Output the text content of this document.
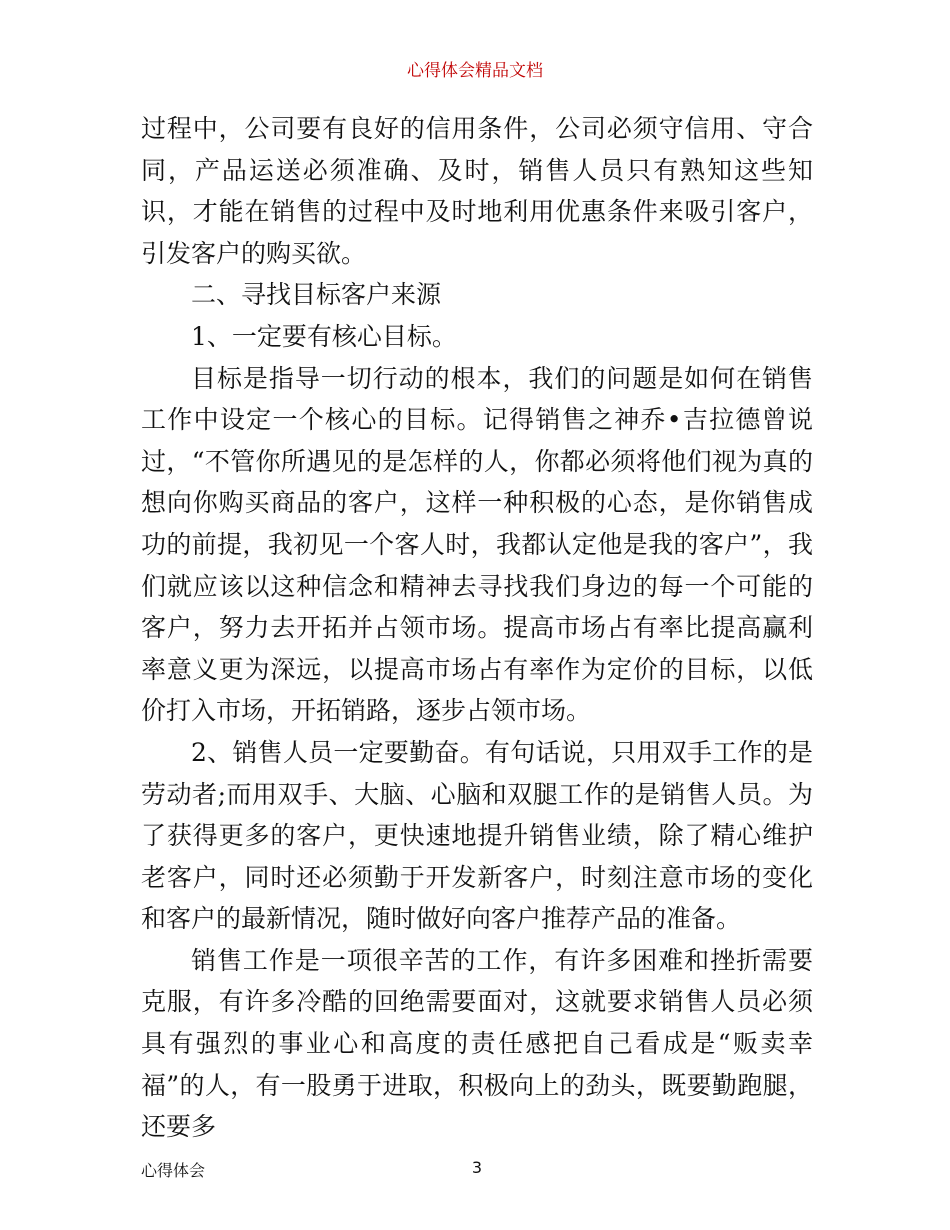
心得体会精品文档

过程中，公司要有良好的信用条件，公司必须守信用、守合同，产品运送必须准确、及时，销售人员只有熟知这些知识，才能在销售的过程中及时地利用优惠条件来吸引客户，引发客户的购买欲。

二、寻找目标客户来源

1、一定要有核心目标。

目标是指导一切行动的根本，我们的问题是如何在销售工作中设定一个核心的目标。记得销售之神乔•吉拉德曾说过，“不管你所遇见的是怎样的人，你都必须将他们视为真的想向你购买商品的客户，这样一种积极的心态，是你销售成功的前提，我初见一个客人时，我都认定他是我的客户”，我们就应该以这种信念和精神去寻找我们身边的每一个可能的客户，努力去开拓并占领市场。提高市场占有率比提高赢利率意义更为深远，以提高市场占有率作为定价的目标，以低价打入市场，开拓销路，逐步占领市场。

2、销售人员一定要勤奋。有句话说，只用双手工作的是劳动者;而用双手、大脑、心脑和双腿工作的是销售人员。为了获得更多的客户，更快速地提升销售业绩，除了精心维护老客户，同时还必须勤于开发新客户，时刻注意市场的变化和客户的最新情况，随时做好向客户推荐产品的准备。

销售工作是一项很辛苦的工作，有许多困难和挫折需要克服，有许多冷酷的回绝需要面对，这就要求销售人员必须具有强烈的事业心和高度的责任感把自己看成是“贩卖幸福”的人，有一股勇于进取，积极向上的劲头，既要勤跑腿，还要多

心得体会	3
